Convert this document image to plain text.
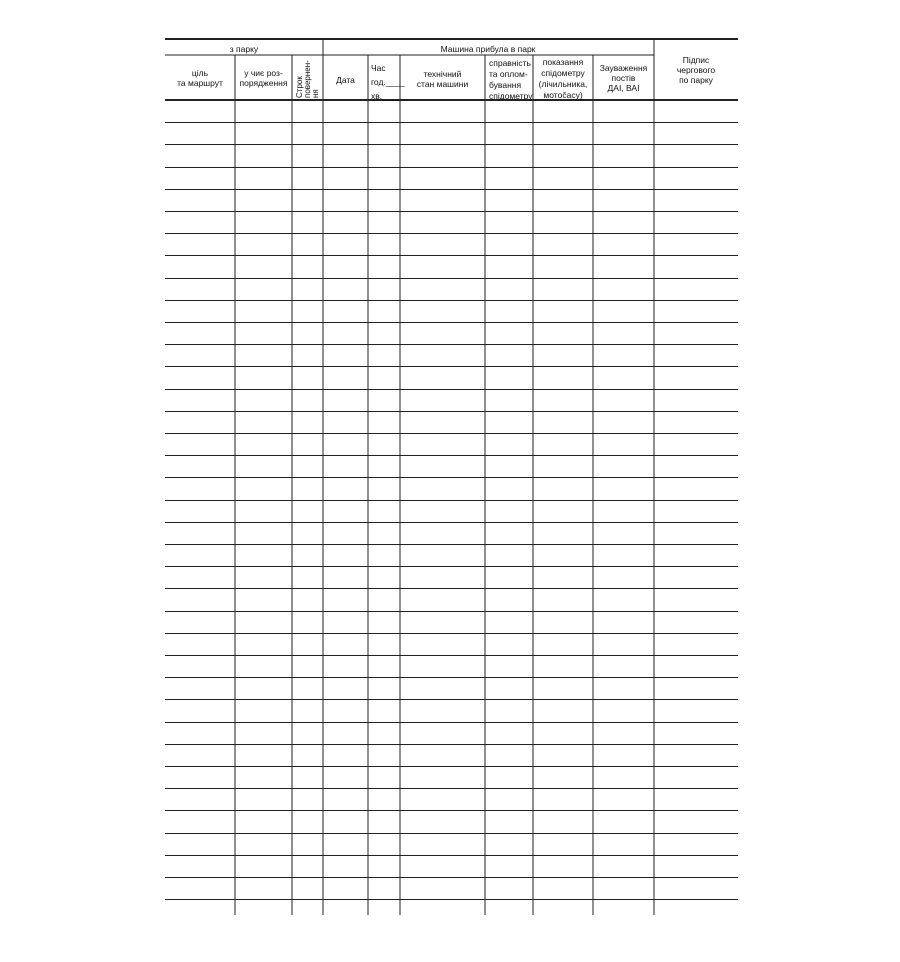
з парку	Машина прибула в парк
ціль
та маршрут
у чиє роз-
порядження Строк повернен- ня
Дата
Час
год.____
хв.____
технічний
стан машини
справність
та оплом-
бування
спідометру
показання
спідометру
(лічильника,
мотočасу)
Зауваження
постів
ДАІ, ВАІ
Підпис
чергового
по парку
